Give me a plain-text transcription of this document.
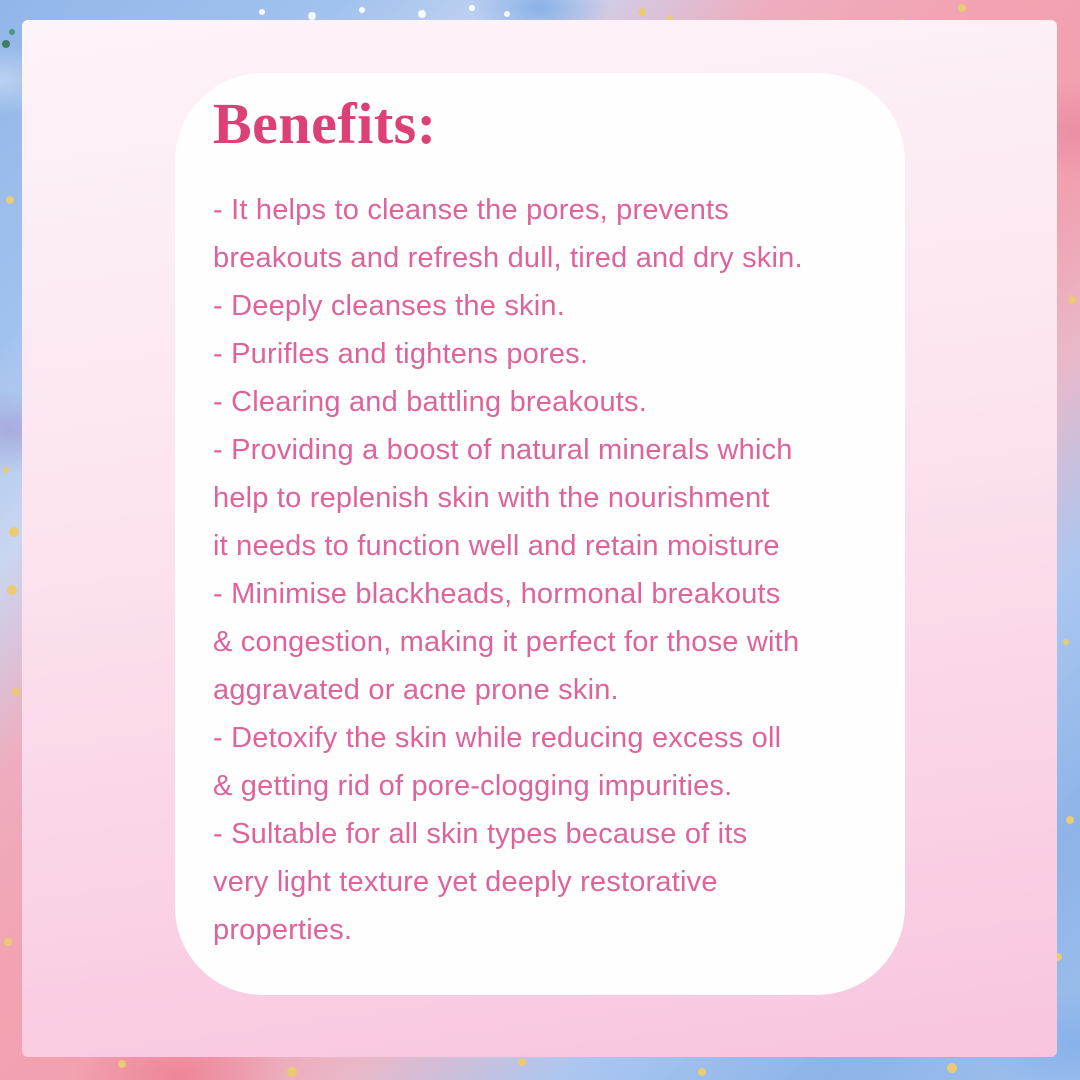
Benefits:
- It helps to cleanse the pores, prevents
breakouts and refresh dull, tired and dry skin.
- Deeply cleanses the skin.
- Purifles and tightens pores.
- Clearing and battling breakouts.
- Providing a boost of natural minerals which
help to replenish skin with the nourishment
it needs to function well and retain moisture
- Minimise blackheads, hormonal breakouts
& congestion, making it perfect for those with
aggravated or acne prone skin.
- Detoxify the skin while reducing excess oll
& getting rid of pore-clogging impurities.
- Sultable for all skin types because of its
very light texture yet deeply restorative
properties.
